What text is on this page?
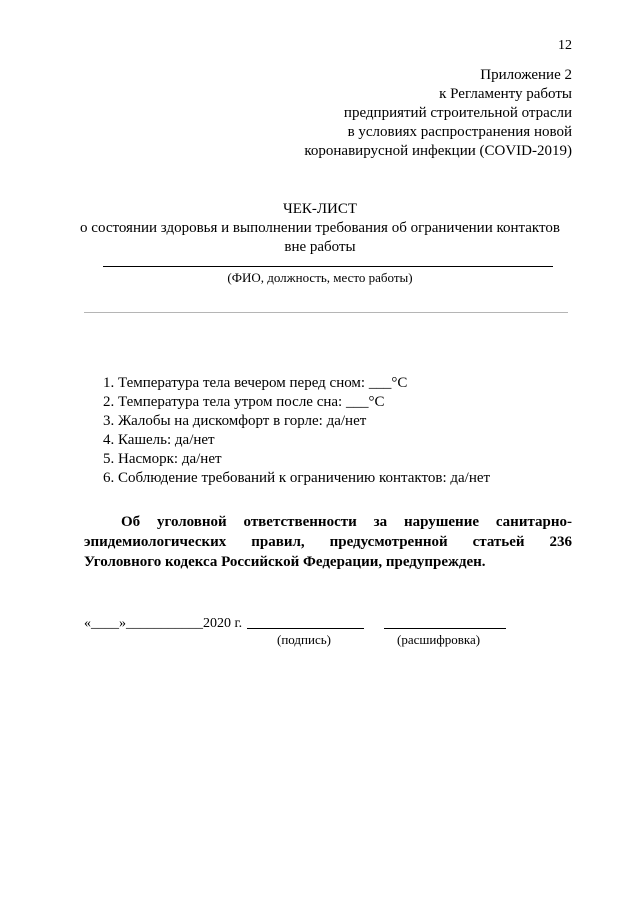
12
Приложение 2
к Регламенту работы
предприятий строительной отрасли
в условиях распространения новой
коронавирусной инфекции (COVID-2019)
ЧЕК-ЛИСТ
о состоянии здоровья и выполнении требования об ограничении контактов
вне работы
(ФИО, должность, место работы)
1. Температура тела вечером перед сном: ___°С
2. Температура тела утром после сна: ___°С
3. Жалобы на дискомфорт в горле: да/нет
4. Кашель: да/нет
5. Насморк: да/нет
6. Соблюдение требований к ограничению контактов: да/нет
Об уголовной ответственности за нарушение санитарно-
эпидемиологических правил, предусмотренной статьей 236
Уголовного кодекса Российской Федерации, предупрежден.
«____»___________2020 г.
(подпись)	(расшифровка)
